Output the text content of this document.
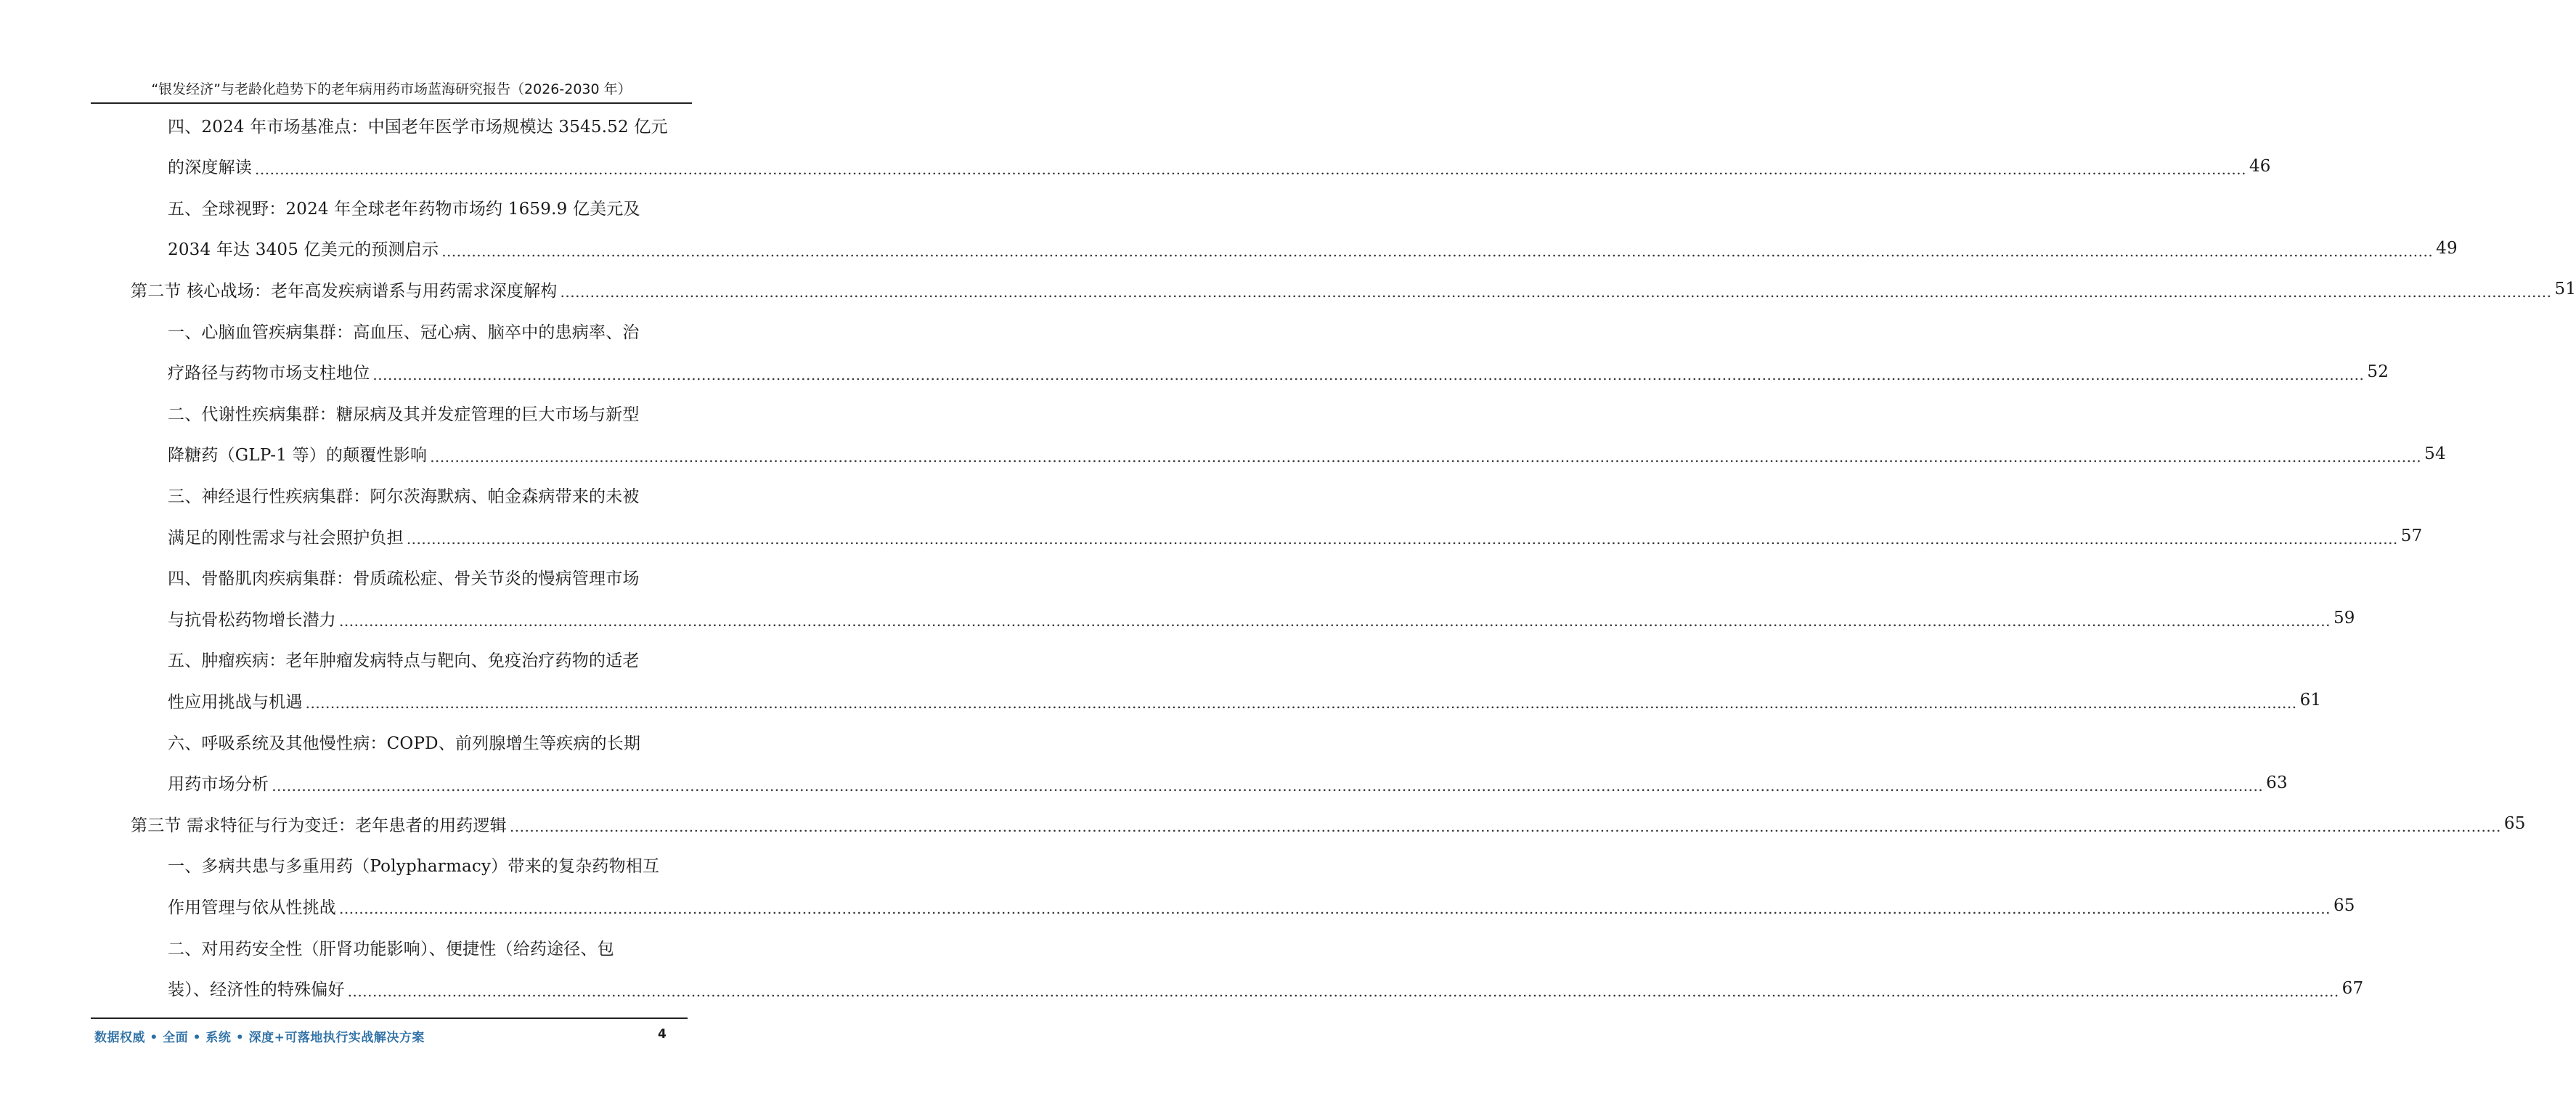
“银发经济”与老龄化趋势下的老年病用药市场蓝海研究报告（2026-2030 年）
四、2024 年市场基准点：中国老年医学市场规模达 3545.52 亿元
的深度解读 ................................................................................................................................................................................................................................................................................................................................................................................................................ 46
五、全球视野：2024 年全球老年药物市场约 1659.9 亿美元及
2034 年达 3405 亿美元的预测启示 ................................................................................................................................................................................................................................................................................................................................................................................................................ 49
第二节 核心战场：老年高发疾病谱系与用药需求深度解构 ................................................................................................................................................................................................................................................................................................................................................................................................................ 51
一、心脑血管疾病集群：高血压、冠心病、脑卒中的患病率、治
疗路径与药物市场支柱地位 ................................................................................................................................................................................................................................................................................................................................................................................................................ 52
二、代谢性疾病集群：糖尿病及其并发症管理的巨大市场与新型
降糖药（GLP-1 等）的颠覆性影响 ................................................................................................................................................................................................................................................................................................................................................................................................................ 54
三、神经退行性疾病集群：阿尔茨海默病、帕金森病带来的未被
满足的刚性需求与社会照护负担 ................................................................................................................................................................................................................................................................................................................................................................................................................ 57
四、骨骼肌肉疾病集群：骨质疏松症、骨关节炎的慢病管理市场
与抗骨松药物增长潜力 ................................................................................................................................................................................................................................................................................................................................................................................................................ 59
五、肿瘤疾病：老年肿瘤发病特点与靶向、免疫治疗药物的适老
性应用挑战与机遇 ................................................................................................................................................................................................................................................................................................................................................................................................................ 61
六、呼吸系统及其他慢性病：COPD、前列腺增生等疾病的长期
用药市场分析 ................................................................................................................................................................................................................................................................................................................................................................................................................ 63
第三节 需求特征与行为变迁：老年患者的用药逻辑 ................................................................................................................................................................................................................................................................................................................................................................................................................ 65
一、多病共患与多重用药（Polypharmacy）带来的复杂药物相互
作用管理与依从性挑战 ................................................................................................................................................................................................................................................................................................................................................................................................................ 65
二、对用药安全性（肝肾功能影响）、便捷性（给药途径、包
装）、经济性的特殊偏好 ................................................................................................................................................................................................................................................................................................................................................................................................................ 67
数据权威 • 全面 • 系统 • 深度+可落地执行实战解决方案	4
